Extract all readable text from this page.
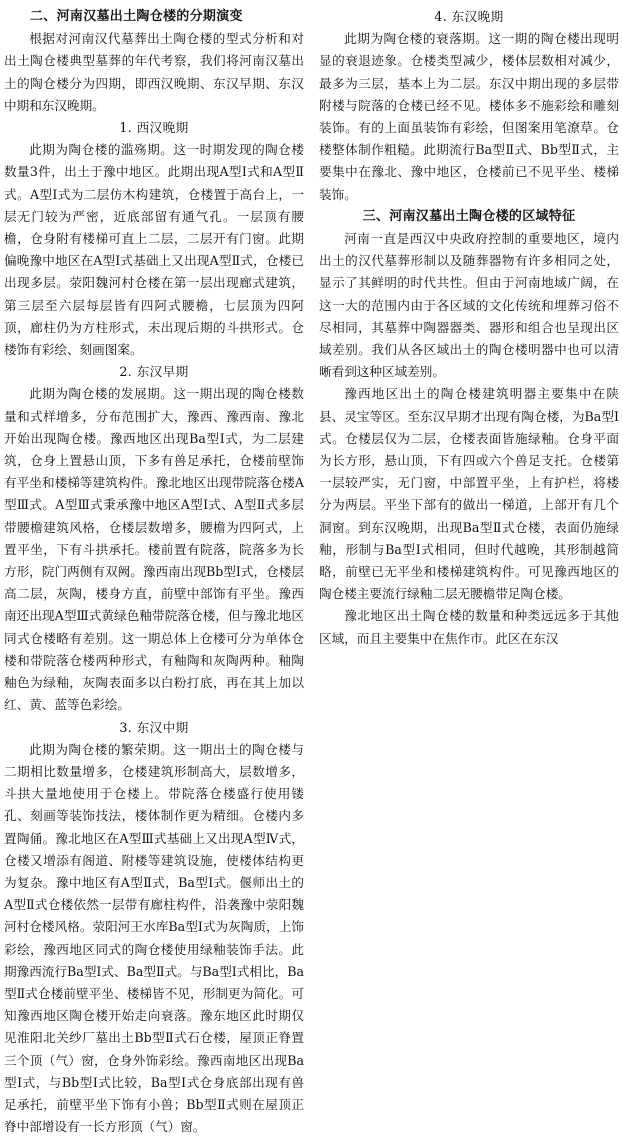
二、河南汉墓出土陶仓楼的分期演变

根据对河南汉代墓葬出土陶仓楼的型式分析和对出土陶仓楼典型墓葬的年代考察，我们将河南汉墓出土的陶仓楼分为四期，即西汉晚期、东汉早期、东汉中期和东汉晚期。

1. 西汉晚期

此期为陶仓楼的滥殇期。这一时期发现的陶仓楼数量3件，出土于豫中地区。此期出现A型Ⅰ式和A型Ⅱ式。A型Ⅰ式为二层仿木构建筑，仓楼置于高台上，一层无门较为严密，近底部留有通气孔。一层顶有腰檐，仓身附有楼梯可直上二层，二层开有门窗。此期偏晚豫中地区在A型Ⅰ式基础上又出现A型Ⅱ式，仓楼已出现多层。荥阳魏河村仓楼在第一层出现廊式建筑，第三层至六层每层皆有四阿式腰檐，七层顶为四阿顶，廊柱仍为方柱形式，未出现后期的斗拱形式。仓楼饰有彩绘、刻画图案。

2. 东汉早期

此期为陶仓楼的发展期。这一期出现的陶仓楼数量和式样增多，分布范围扩大，豫西、豫西南、豫北开始出现陶仓楼。豫西地区出现Ba型Ⅰ式，为二层建筑，仓身上置悬山顶，下多有兽足承托，仓楼前壁饰有平坐和楼梯等建筑构件。豫北地区出现带院落仓楼A型Ⅲ式。A型Ⅲ式秉承豫中地区A型Ⅰ式、A型Ⅱ式多层带腰檐建筑风格，仓楼层数增多，腰檐为四阿式，上置平坐，下有斗拱承托。楼前置有院落，院落多为长方形，院门两侧有双阙。豫西南出现Bb型Ⅰ式，仓楼层高二层，灰陶，楼身方直，前壁中部饰有平坐。豫西南还出现A型Ⅲ式黄绿色釉带院落仓楼，但与豫北地区同式仓楼略有差别。这一期总体上仓楼可分为单体仓楼和带院落仓楼两种形式，有釉陶和灰陶两种。釉陶釉色为绿釉，灰陶表面多以白粉打底，再在其上加以红、黄、蓝等色彩绘。

3. 东汉中期

此期为陶仓楼的繁荣期。这一期出土的陶仓楼与二期相比数量增多，仓楼建筑形制高大，层数增多，斗拱大量地使用于仓楼上。带院落仓楼盛行使用镂孔、刻画等装饰技法，楼体制作更为精细。仓楼内多置陶俑。豫北地区在A型Ⅲ式基础上又出现A型Ⅳ式，仓楼又增添有阁道、附楼等建筑设施，使楼体结构更为复杂。豫中地区有A型Ⅱ式，Ba型Ⅰ式。偃师出土的A型Ⅱ式仓楼依然一层带有廊柱构件，沿袭豫中荥阳魏河村仓楼风格。荥阳河王水库Ba型Ⅰ式为灰陶质，上饰彩绘，豫西地区同式的陶仓楼使用绿釉装饰手法。此期豫西流行Ba型Ⅰ式、Ba型Ⅱ式。与Ba型Ⅰ式相比，Ba型Ⅱ式仓楼前壁平坐、楼梯皆不见，形制更为简化。可知豫西地区陶仓楼开始走向衰落。豫东地区此时期仅见淮阳北关纱厂墓出土Bb型Ⅱ式石仓楼，屋顶正脊置三个顶（气）窗，仓身外饰彩绘。豫西南地区出现Ba型Ⅰ式，与Bb型Ⅰ式比较，Ba型Ⅰ式仓身底部出现有兽足承托，前壁平坐下饰有小兽；Bb型Ⅱ式则在屋顶正脊中部增设有一长方形顶（气）窗。

4. 东汉晚期

此期为陶仓楼的衰落期。这一期的陶仓楼出现明显的衰退迹象。仓楼类型减少，楼体层数相对减少，最多为三层，基本上为二层。东汉中期出现的多层带附楼与院落的仓楼已经不见。楼体多不施彩绘和雕刻装饰。有的上面虽装饰有彩绘，但图案用笔潦草。仓楼整体制作粗糙。此期流行Ba型Ⅱ式、Bb型Ⅱ式，主要集中在豫北、豫中地区，仓楼前已不见平坐、楼梯装饰。

三、河南汉墓出土陶仓楼的区域特征

河南一直是西汉中央政府控制的重要地区，境内出土的汉代墓葬形制以及随葬器物有许多相同之处，显示了其鲜明的时代共性。但由于河南地域广阔，在这一大的范围内由于各区域的文化传统和埋葬习俗不尽相同，其墓葬中陶器器类、器形和组合也呈现出区域差别。我们从各区域出土的陶仓楼明器中也可以清晰看到这种区域差别。

豫西地区出土的陶仓楼建筑明器主要集中在陕县、灵宝等区。至东汉早期才出现有陶仓楼，为Ba型Ⅰ式。仓楼层仅为二层，仓楼表面皆施绿釉。仓身平面为长方形，悬山顶，下有四或六个兽足支托。仓楼第一层较严实，无门窗，中部置平坐，上有护栏，将楼分为两层。平坐下部有的做出一梯道，上部开有几个洞窗。到东汉晚期，出现Ba型Ⅱ式仓楼，表面仍施绿釉，形制与Ba型Ⅰ式相同，但时代越晚，其形制越简略，前壁已无平坐和楼梯建筑构件。可见豫西地区的陶仓楼主要流行绿釉二层无腰檐带足陶仓楼。

豫北地区出土陶仓楼的数量和种类远远多于其他区域，而且主要集中在焦作市。此区在东汉
